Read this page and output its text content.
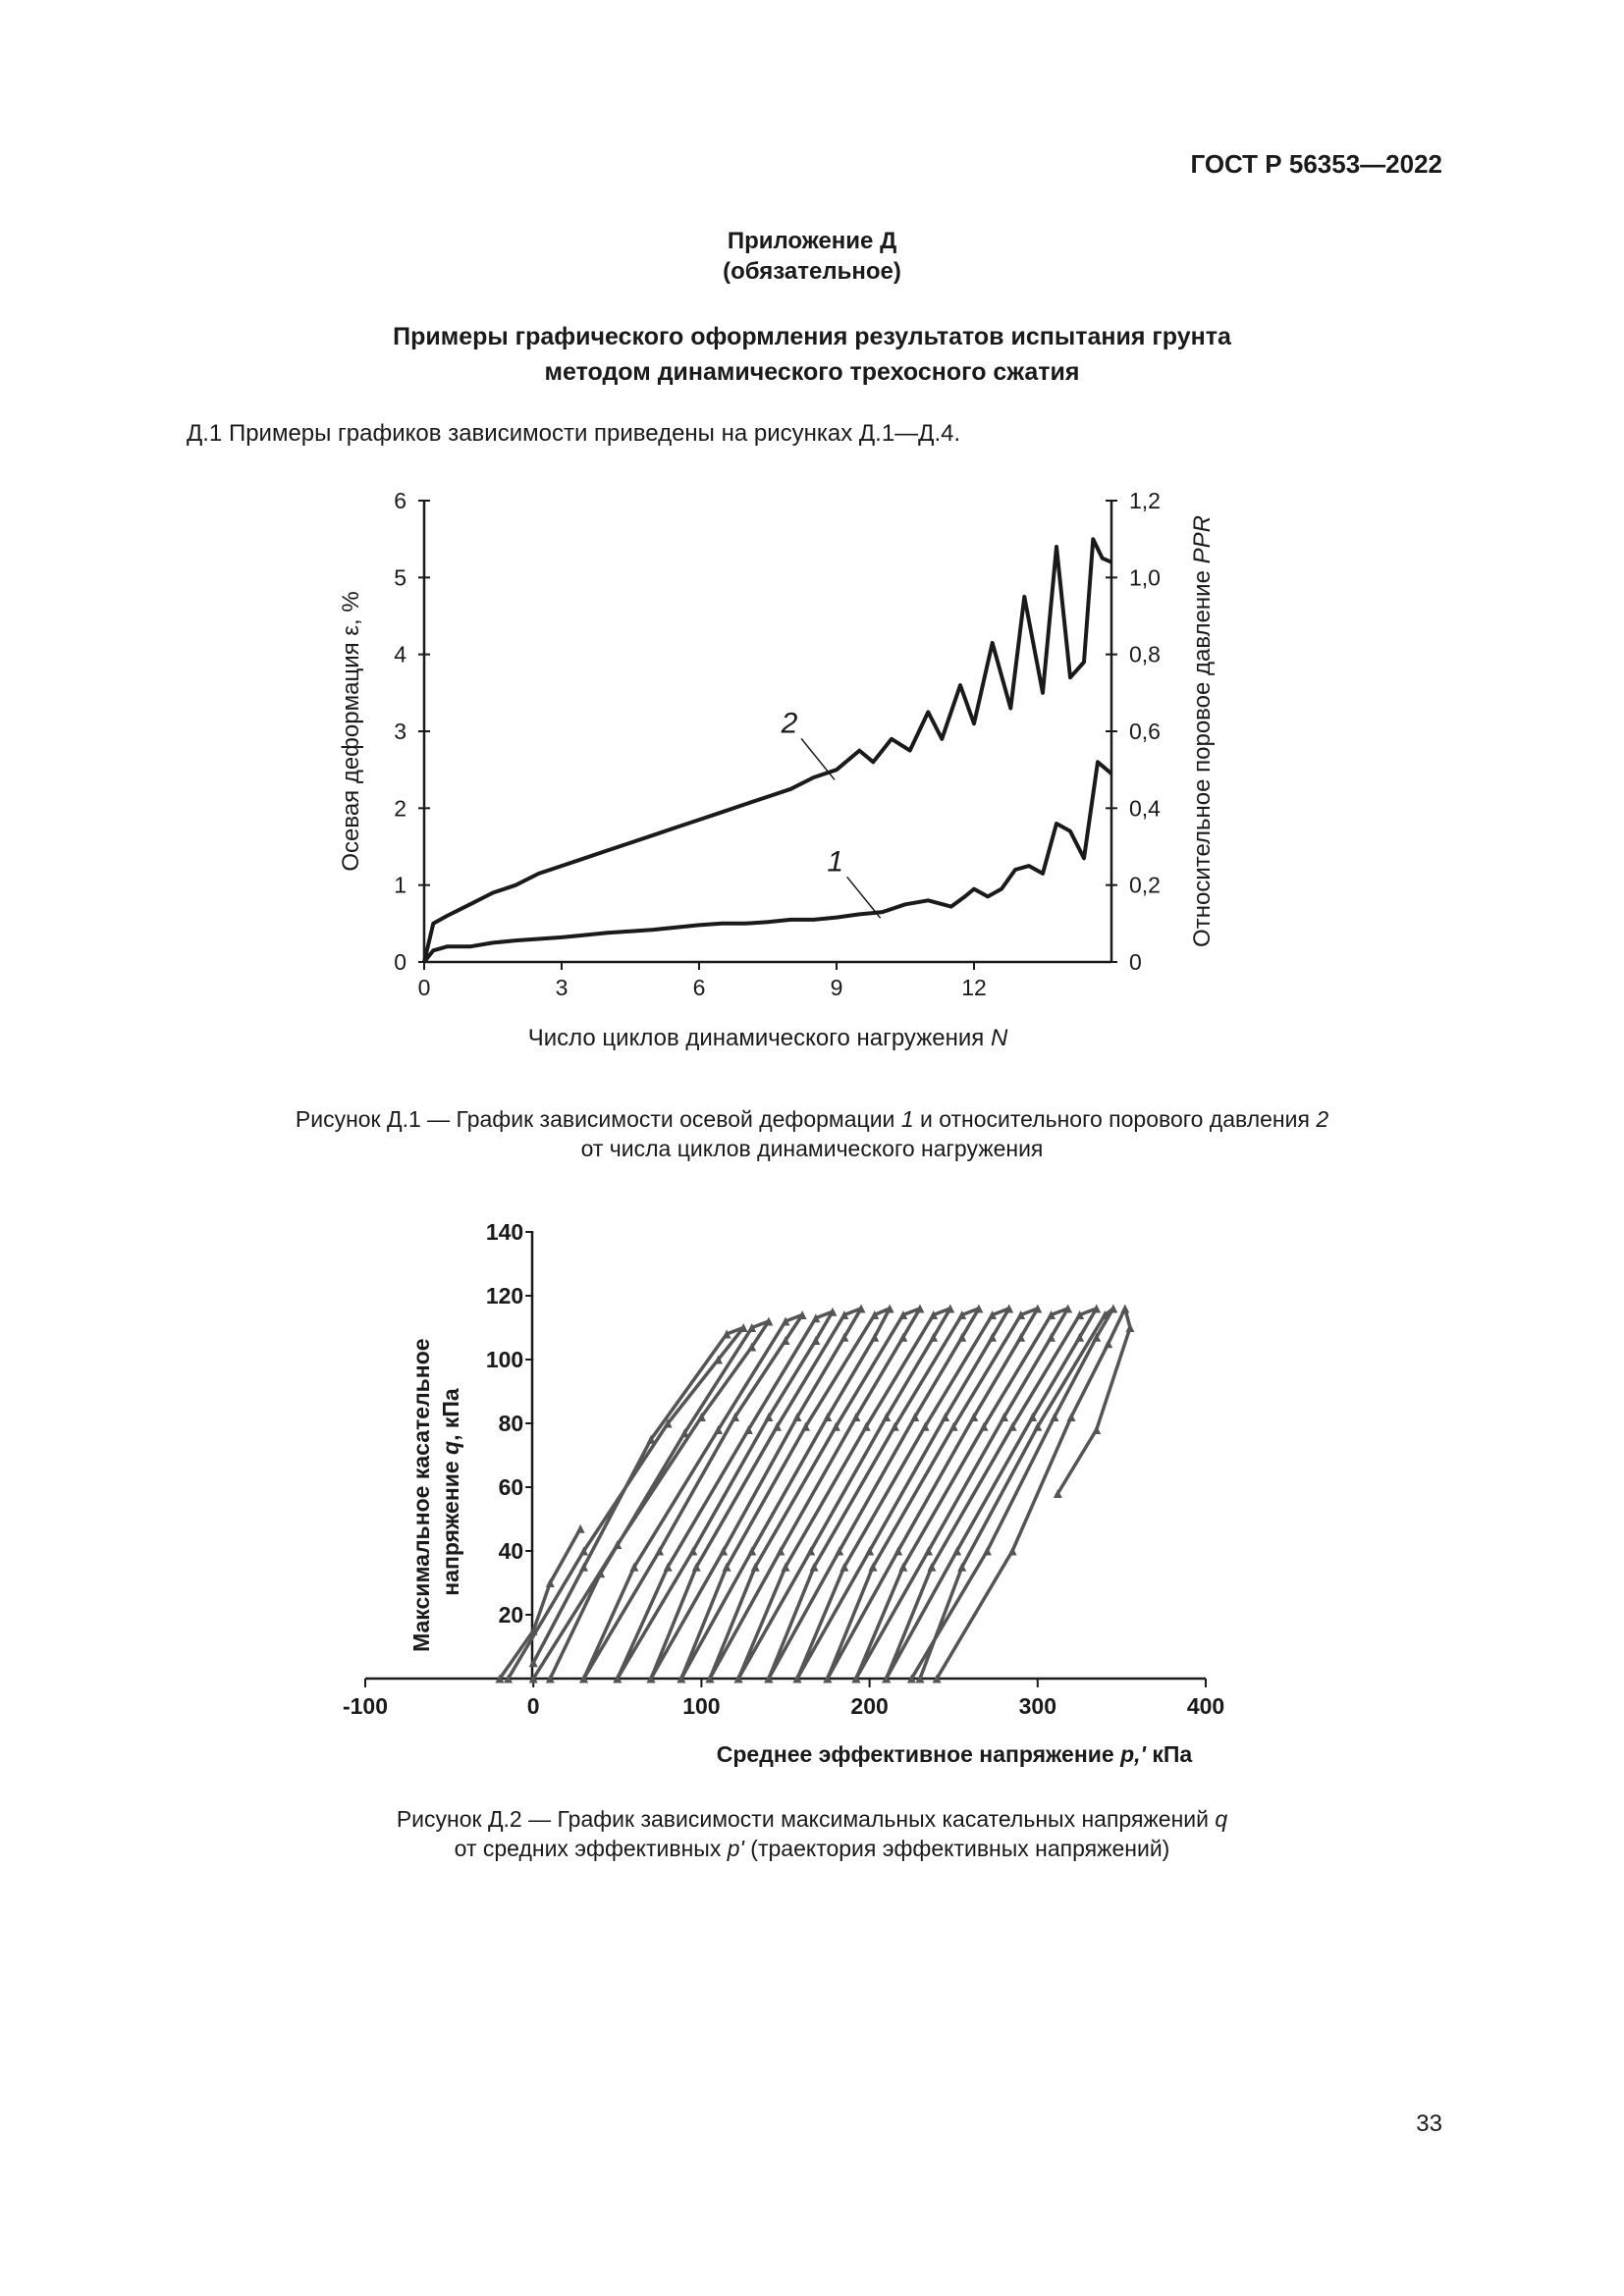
ГОСТ Р 56353—2022
Приложение Д
(обязательное)
Примеры графического оформления результатов испытания грунта
методом динамического трехосного сжатия
Д.1 Примеры графиков зависимости приведены на рисунках Д.1—Д.4.
0
1
2
3
4
5
6
0
0,2
0,4
0,6
0,8
1,0
1,2
0	3	6	9	12
1
2
Осевая деформация ε, %	Относительное поровое давление PPR
Число циклов динамического нагружения N
Рисунок Д.1 — График зависимости осевой деформации 1 и относительного порового давления 2
от числа циклов динамического нагружения
20
40
60
80
100
120
140
-100	0	100	200	300	400
Максимальное касательное напряжение q, кПа
Среднее эффективное напряжение p,' кПа
Рисунок Д.2 — График зависимости максимальных касательных напряжений q
от средних эффективных p' (траектория эффективных напряжений)
33
